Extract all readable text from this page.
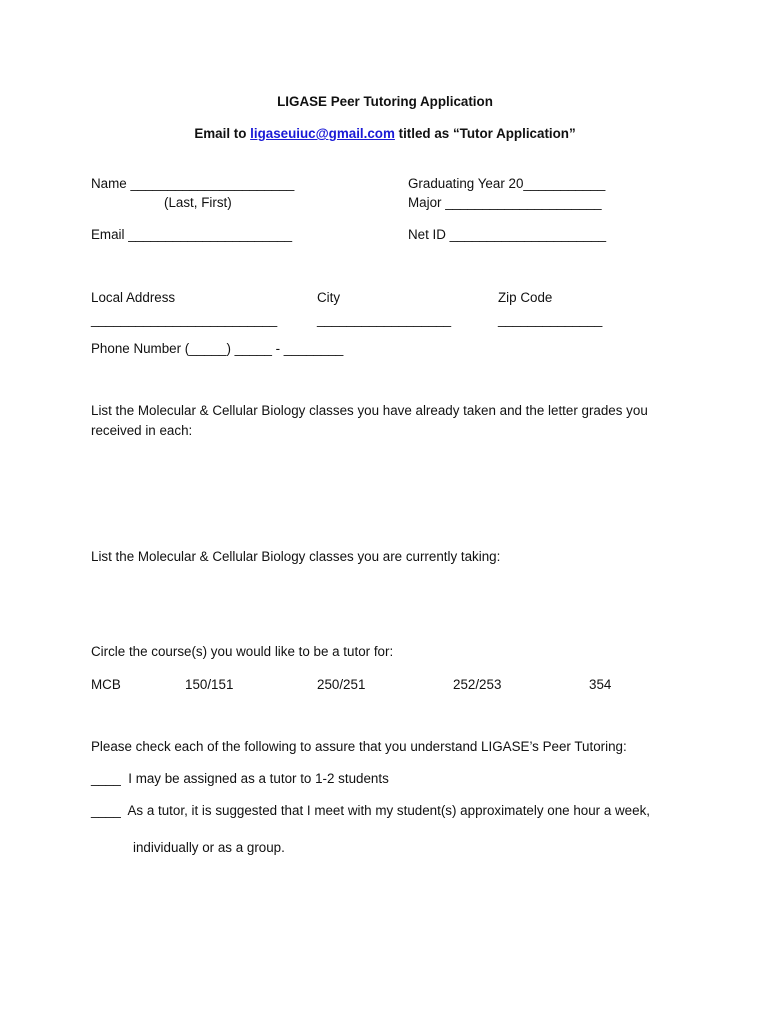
LIGASE Peer Tutoring Application
Email to ligaseuiuc@gmail.com titled as “Tutor Application”
Name ______________________
(Last, First)
Graduating Year 20___________
Major _____________________
Email ______________________	Net ID _____________________
Local Address
_________________________
City
__________________
Zip Code
______________
Phone Number (_____) _____ - ________
List the Molecular & Cellular Biology classes you have already taken and the letter grades you received in each:
List the Molecular & Cellular Biology classes you are currently taking:
Circle the course(s) you would like to be a tutor for:
MCB	150/151	250/251	252/253	354
Please check each of the following to assure that you understand LIGASE’s Peer Tutoring:
____ I may be assigned as a tutor to 1-2 students
____ As a tutor, it is suggested that I meet with my student(s) approximately one hour a week,
individually or as a group.
